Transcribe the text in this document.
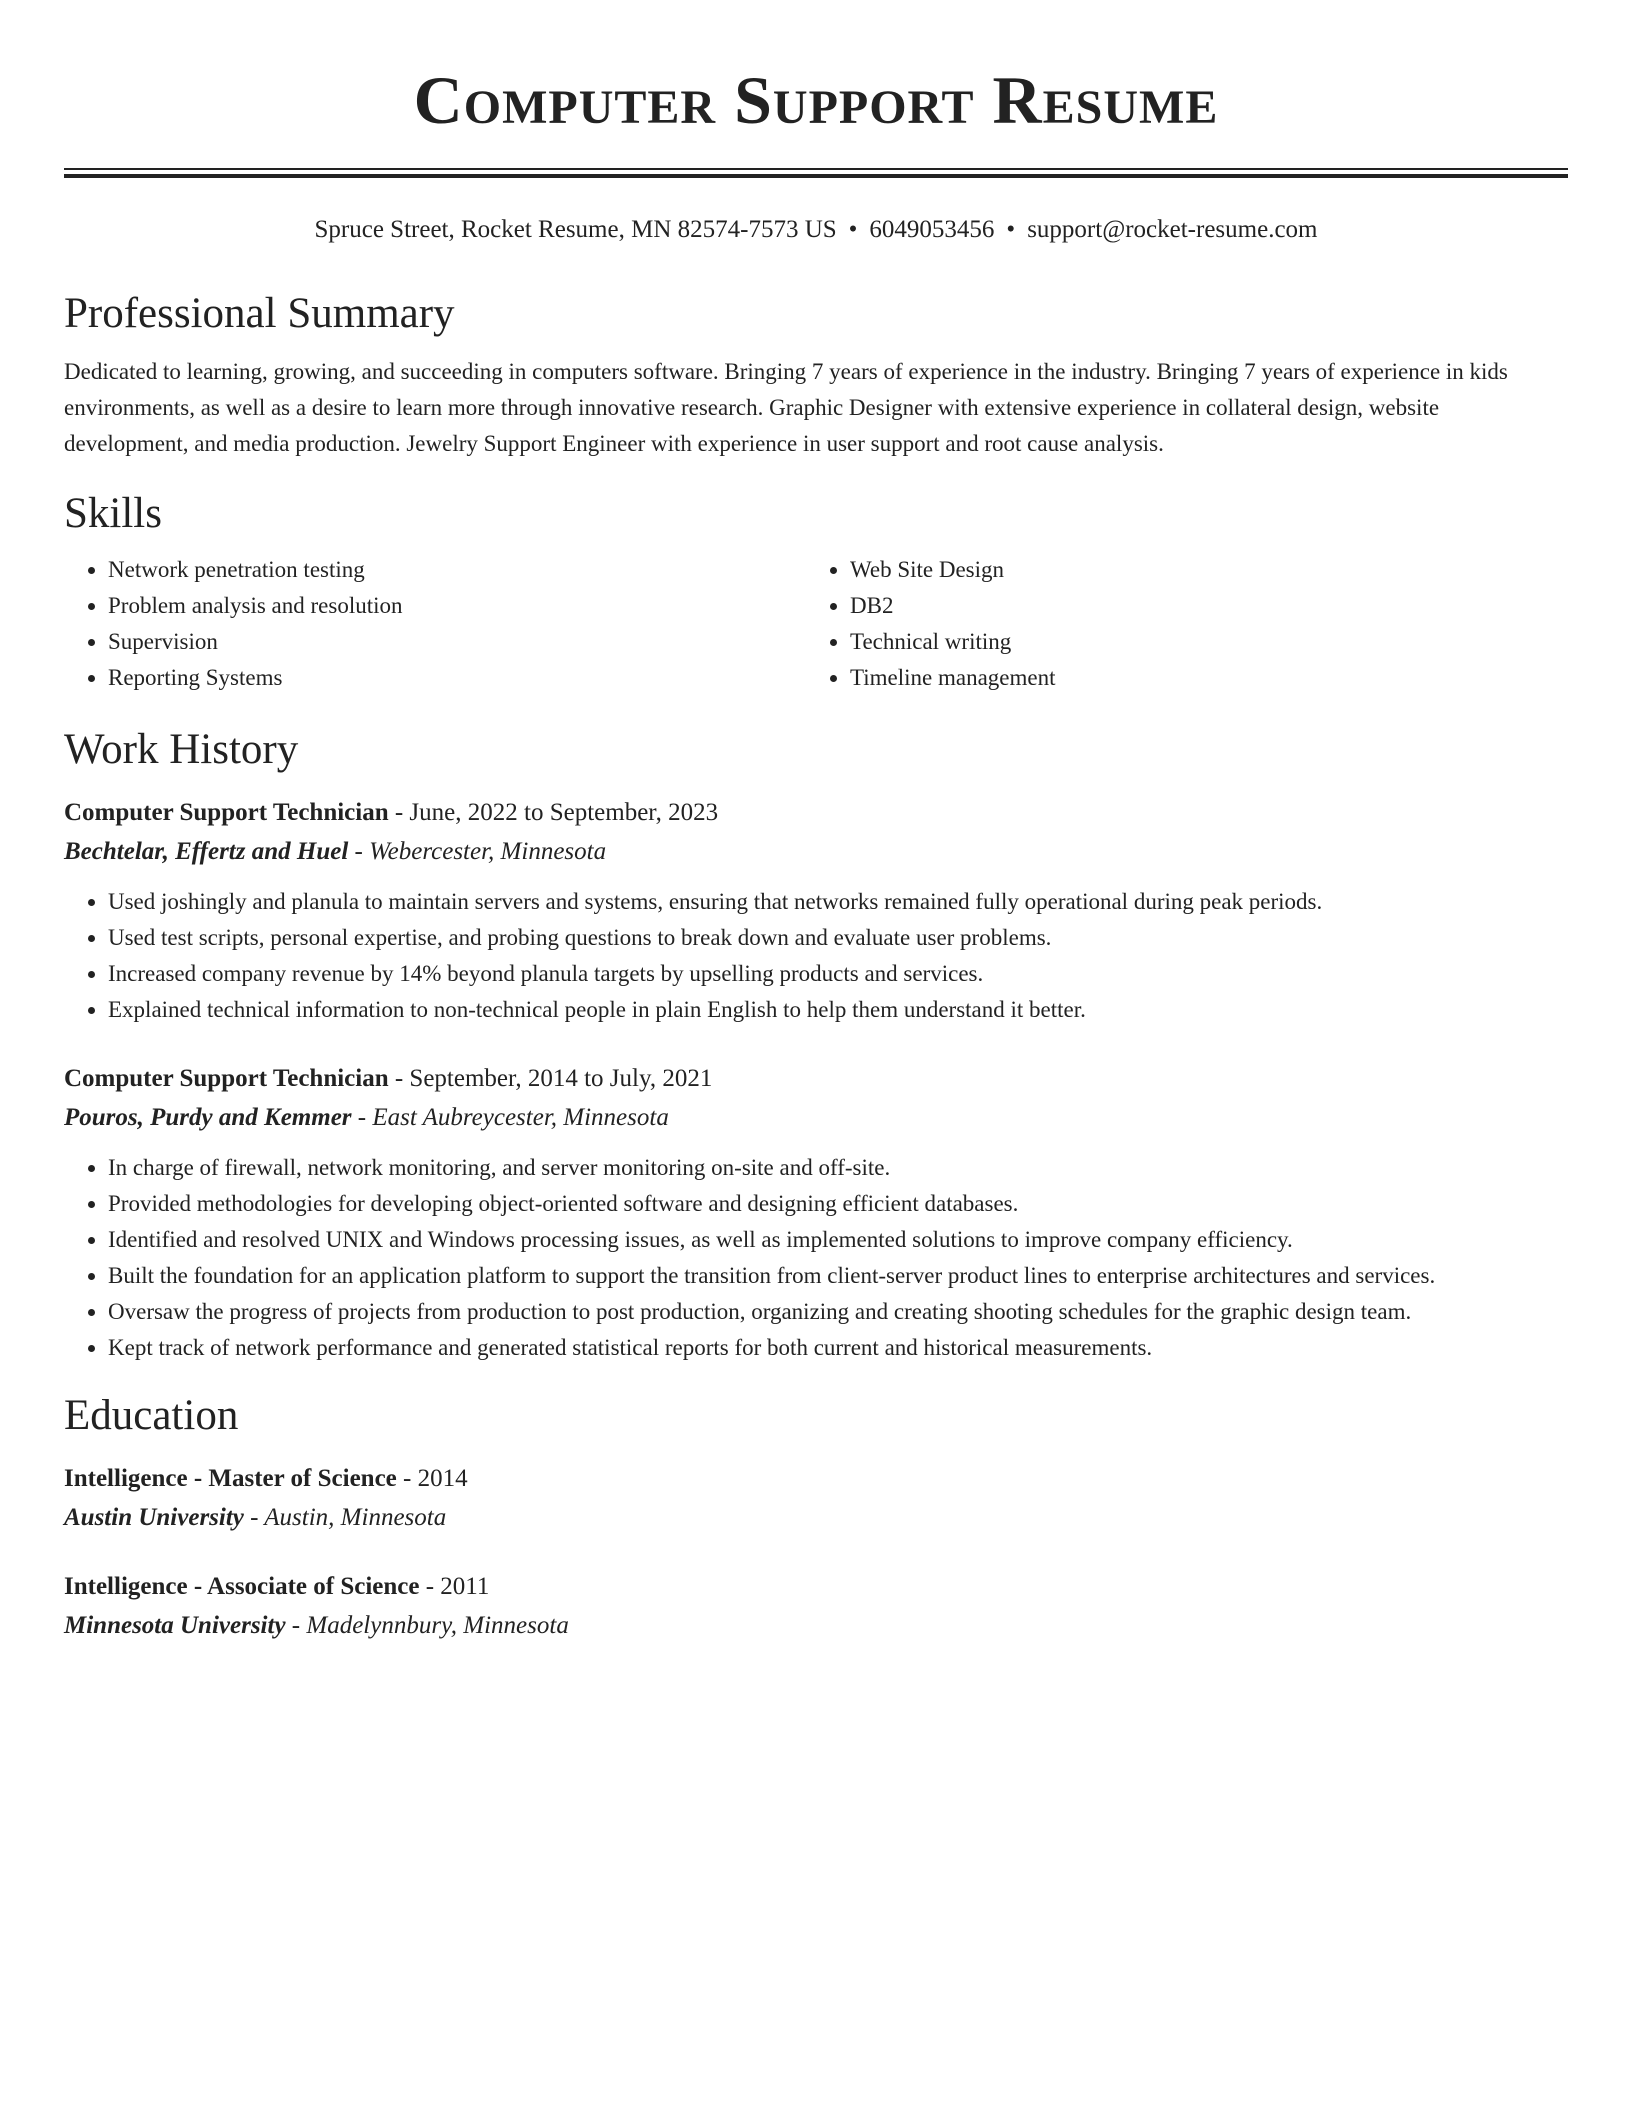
Computer Support Resume
Spruce Street, Rocket Resume, MN 82574-7573 US • 6049053456 • support@rocket-resume.com
Professional Summary
Dedicated to learning, growing, and succeeding in computers software. Bringing 7 years of experience in the industry. Bringing 7 years of experience in kids environments, as well as a desire to learn more through innovative research. Graphic Designer with extensive experience in collateral design, website development, and media production. Jewelry Support Engineer with experience in user support and root cause analysis.
Skills
• Network penetration testing
• Problem analysis and resolution
• Supervision
• Reporting Systems
• Web Site Design
• DB2
• Technical writing
• Timeline management
Work History
Computer Support Technician - June, 2022 to September, 2023
Bechtelar, Effertz and Huel - Webercester, Minnesota
• Used joshingly and planula to maintain servers and systems, ensuring that networks remained fully operational during peak periods.
• Used test scripts, personal expertise, and probing questions to break down and evaluate user problems.
• Increased company revenue by 14% beyond planula targets by upselling products and services.
• Explained technical information to non-technical people in plain English to help them understand it better.
Computer Support Technician - September, 2014 to July, 2021
Pouros, Purdy and Kemmer - East Aubreycester, Minnesota
• In charge of firewall, network monitoring, and server monitoring on-site and off-site.
• Provided methodologies for developing object-oriented software and designing efficient databases.
• Identified and resolved UNIX and Windows processing issues, as well as implemented solutions to improve company efficiency.
• Built the foundation for an application platform to support the transition from client-server product lines to enterprise architectures and services.
• Oversaw the progress of projects from production to post production, organizing and creating shooting schedules for the graphic design team.
• Kept track of network performance and generated statistical reports for both current and historical measurements.
Education
Intelligence - Master of Science - 2014
Austin University - Austin, Minnesota
Intelligence - Associate of Science - 2011
Minnesota University - Madelynnbury, Minnesota
